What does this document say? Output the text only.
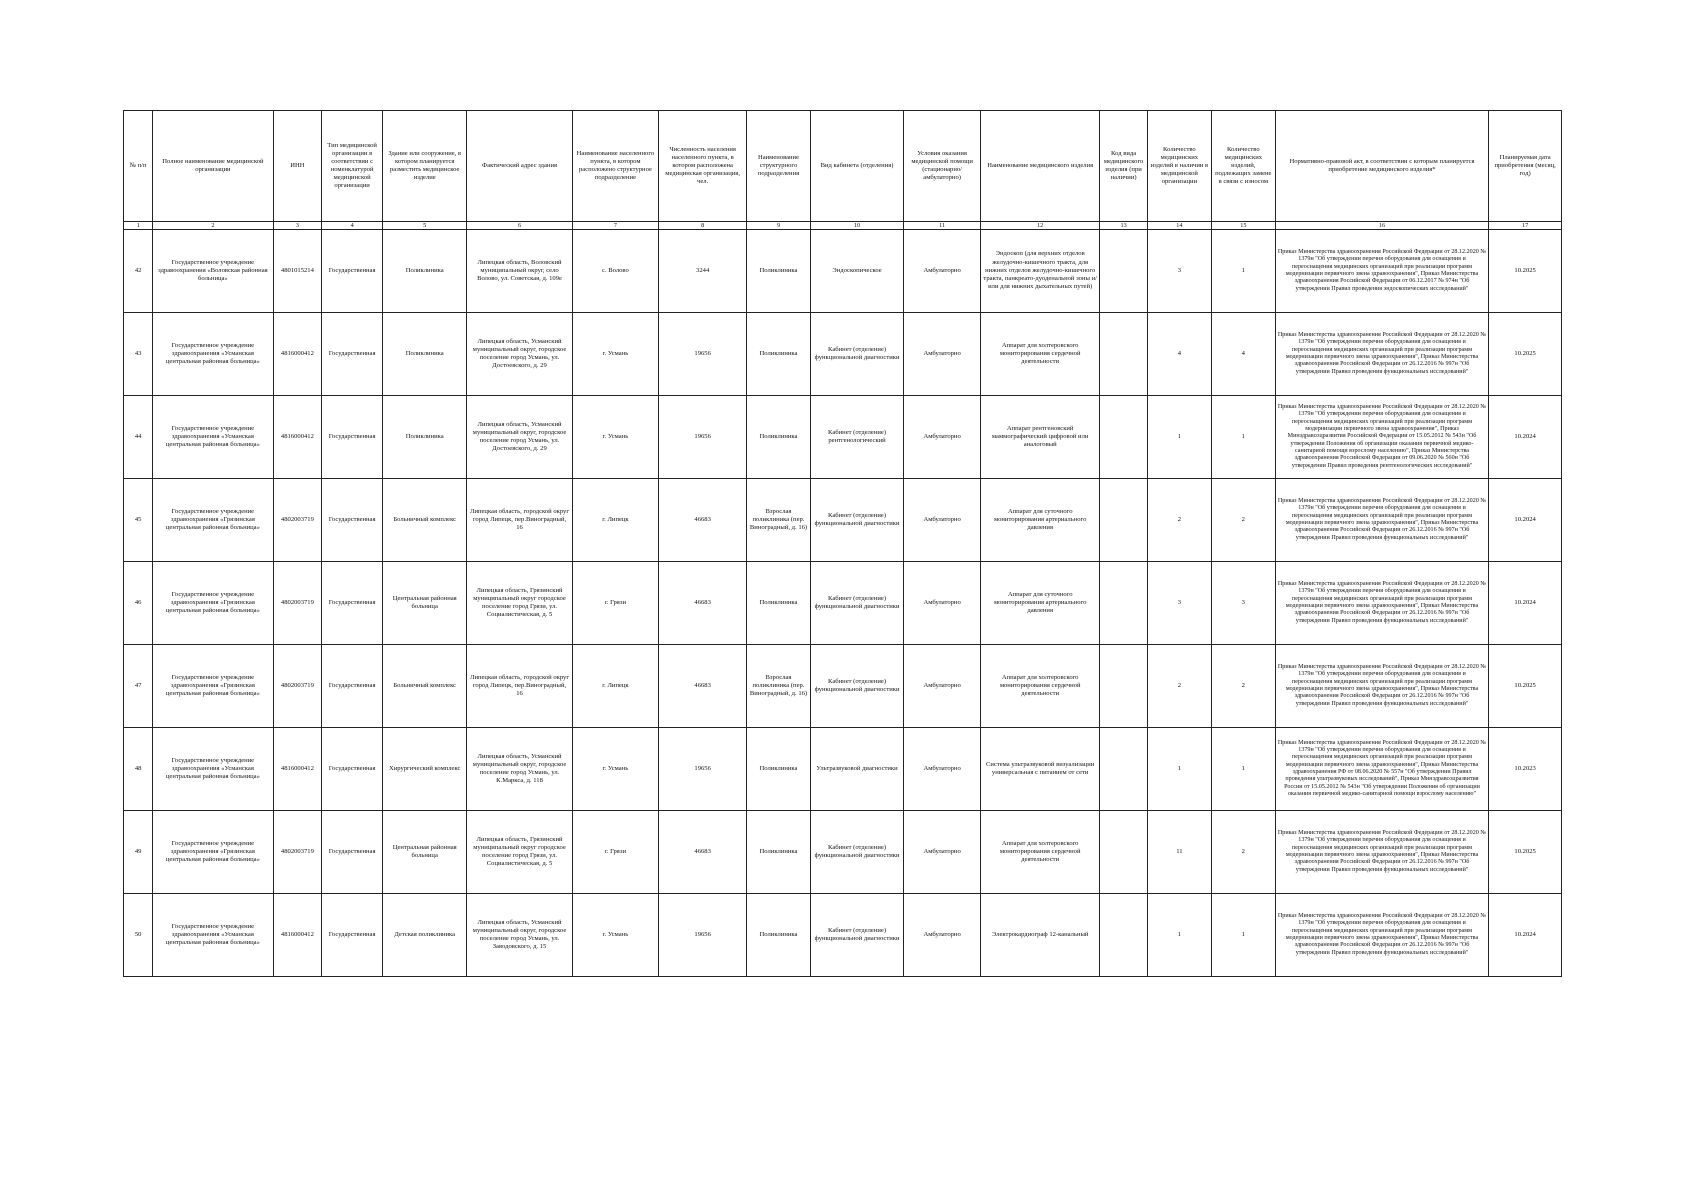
№ п/п	Полное наименование медицинской организации	ИНН	Тип медицинской организации в соответствии с номенклатурой медицинской организации	Здание или сооружение, в котором планируется разместить медицинское изделие	Фактический адрес здания	Наименование населенного пункта, в котором расположено структурное подразделение	Численность населения населенного пункта, в котором расположена медицинская организация, чел.	Наименование структурного подразделения	Вид кабинета (отделения)	Условия оказания медицинской помощи (стационарно/ амбулаторно)	Наименование медицинского изделия	Код вида медицинского изделия (при наличии)	Количество медицинских изделий в наличии в медицинской организации	Количество медицинских изделий, подлежащих замене в связи с износом	Нормативно-правовой акт, в соответствии с которым планируется приобретение медицинского изделия*	Планируемая дата приобретения (месяц, год)
1	2	3	4	5	6	7	8	9	10	11	12	13	14	15	16	17
42	Государственное учреждение здравоохранения «Воловская районная больница»	4801015214	Государственная	Поликлиника	Липецкая область, Воловский муниципальный округ, село Волово, ул. Советская, д. 109е	с. Волово	3244	Поликлиника	Эндоскопическое	Амбулаторно	Эндоскоп (для верхних отделов желудочно-кишечного тракта, для нижних отделов желудочно-кишечного тракта, панкреато-дуоденальной зоны и/или для нижних дыхательных путей)		3	1	Приказ Министерства здравоохранения Российской Федерации от 28.12.2020 № 1379н "Об утверждении перечня оборудования для оснащения и переоснащения медицинских организаций при реализации программ модернизации первичного звена здравоохранения", Приказ Министерства здравоохранения Российской Федерации от 06.12.2017 № 974н "Об утверждении Правил проведения эндоскопических исследований"	10.2025
43	Государственное учреждение здравоохранения «Усманская центральная районная больница»	4816000412	Государственная	Поликлиника	Липецкая область, Усманский муниципальный округ, городское поселение город Усмань, ул. Достоевского, д. 29	г. Усмань	19656	Поликлиника	Кабинет (отделение) функциональной диагностики	Амбулаторно	Аппарат для холтеровского мониторирования сердечной деятельности		4	4	Приказ Министерства здравоохранения Российской Федерации от 28.12.2020 № 1379н "Об утверждении перечня оборудования для оснащения и переоснащения медицинских организаций при реализации программ модернизации первичного звена здравоохранения", Приказ Министерства здравоохранения Российской Федерации от 26.12.2016 № 997н "Об утверждении Правил проведения функциональных исследований"	10.2025
44	Государственное учреждение здравоохранения «Усманская центральная районная больница»	4816000412	Государственная	Поликлиника	Липецкая область, Усманский муниципальный округ, городское поселение город Усмань, ул. Достоевского, д. 29	г. Усмань	19656	Поликлиника	Кабинет (отделение) рентгенологический	Амбулаторно	Аппарат рентгеновский маммографический цифровой или аналоговый		1	1	Приказ Министерства здравоохранения Российской Федерации от 28.12.2020 № 1379н "Об утверждении перечня оборудования для оснащения и переоснащения медицинских организаций при реализации программ модернизации первичного звена здравоохранения", Приказ Минздравсоцразвития Российской Федерации от 15.05.2012 № 543н "Об утверждении Положения об организации оказания первичной медико-санитарной помощи взрослому населению", Приказ Министерства здравоохранения Российской Федерации от 09.06.2020 № 560н "Об утверждении Правил проведения рентгенологических исследований"	10.2024
45	Государственное учреждение здравоохранения «Грязинская центральная районная больница»	4802003719	Государственная	Больничный комплекс	Липецкая область, городской округ город Липецк, пер.Виноградный, 16	г. Липецк	46683	Взрослая поликлиника (пер. Виноградный, д. 16)	Кабинет (отделение) функциональной диагностики	Амбулаторно	Аппарат для суточного мониторирования артериального давления		2	2	Приказ Министерства здравоохранения Российской Федерации от 28.12.2020 № 1379н "Об утверждении перечня оборудования для оснащения и переоснащения медицинских организаций при реализации программ модернизации первичного звена здравоохранения", Приказ Министерства здравоохранения Российской Федерации от 26.12.2016 № 997н "Об утверждении Правил проведения функциональных исследований"	10.2024
46	Государственное учреждение здравоохранения «Грязинская центральная районная больница»	4802003719	Государственная	Центральная районная больница	Липецкая область, Грязинский муниципальный округ городское поселение город Грязи, ул. Социалистическая, д. 5	г. Грязи	46683	Поликлиника	Кабинет (отделение) функциональной диагностики	Амбулаторно	Аппарат для суточного мониторирования артериального давления		3	3	Приказ Министерства здравоохранения Российской Федерации от 28.12.2020 № 1379н "Об утверждении перечня оборудования для оснащения и переоснащения медицинских организаций при реализации программ модернизации первичного звена здравоохранения", Приказ Министерства здравоохранения Российской Федерации от 26.12.2016 № 997н "Об утверждении Правил проведения функциональных исследований"	10.2024
47	Государственное учреждение здравоохранения «Грязинская центральная районная больница»	4802003719	Государственная	Больничный комплекс	Липецкая область, городской округ город Липецк, пер.Виноградный, 16	г. Липецк	46683	Взрослая поликлиника (пер. Виноградный, д. 16)	Кабинет (отделение) функциональной диагностики	Амбулаторно	Аппарат для холтеровского мониторирования сердечной деятельности		2	2	Приказ Министерства здравоохранения Российской Федерации от 28.12.2020 № 1379н "Об утверждении перечня оборудования для оснащения и переоснащения медицинских организаций при реализации программ модернизации первичного звена здравоохранения", Приказ Министерства здравоохранения Российской Федерации от 26.12.2016 № 997н "Об утверждении Правил проведения функциональных исследований"	10.2025
48	Государственное учреждение здравоохранения «Усманская центральная районная больница»	4816000412	Государственная	Хирургический комплекс	Липецкая область, Усманский муниципальный округ, городское поселение город Усмань, ул. К.Маркса, д. 118	г. Усмань	19656	Поликлиника	Ультразвуковой диагностики	Амбулаторно	Система ультразвуковой визуализации универсальная с питанием от сети		1	1	Приказ Министерства здравоохранения Российской Федерации от 28.12.2020 № 1379н "Об утверждении перечня оборудования для оснащения и переоснащения медицинских организаций при реализации программ модернизации первичного звена здравоохранения", Приказ Министерства здравоохранения РФ от 08.06.2020 № 557н "Об утверждении Правил проведения ультразвуковых исследований", Приказ Минздравсоцразвития России от 15.05.2012 № 543н "Об утверждении Положения об организации оказания первичной медико-санитарной помощи взрослому населению"	10.2023
49	Государственное учреждение здравоохранения «Грязинская центральная районная больница»	4802003719	Государственная	Центральная районная больница	Липецкая область, Грязинский муниципальный округ городское поселение город Грязи, ул. Социалистическая, д. 5	г. Грязи	46683	Поликлиника	Кабинет (отделение) функциональной диагностики	Амбулаторно	Аппарат для холтеровского мониторирования сердечной деятельности		11	2	Приказ Министерства здравоохранения Российской Федерации от 28.12.2020 № 1379н "Об утверждении перечня оборудования для оснащения и переоснащения медицинских организаций при реализации программ модернизации первичного звена здравоохранения", Приказ Министерства здравоохранения Российской Федерации от 26.12.2016 № 997н "Об утверждении Правил проведения функциональных исследований"	10.2025
50	Государственное учреждение здравоохранения «Усманская центральная районная больница»	4816000412	Государственная	Детская поликлиника	Липецкая область, Усманский муниципальный округ, городское поселение город Усмань, ул. Заводовского, д. 15	г. Усмань	19656	Поликлиника	Кабинет (отделение) функциональной диагностики	Амбулаторно	Электрокардиограф 12-канальный		1	1	Приказ Министерства здравоохранения Российской Федерации от 28.12.2020 № 1379н "Об утверждении перечня оборудования для оснащения и переоснащения медицинских организаций при реализации программ модернизации первичного звена здравоохранения", Приказ Министерства здравоохранения Российской Федерации от 26.12.2016 № 997н "Об утверждении Правил проведения функциональных исследований"	10.2024
